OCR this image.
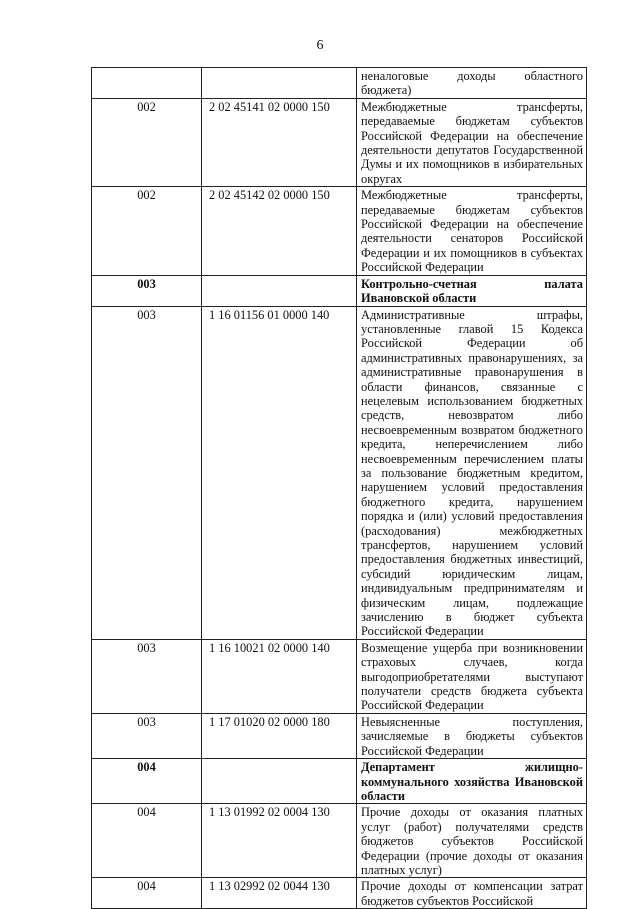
6
		неналоговые доходы областного бюджета)
002	2 02 45141 02 0000 150	Межбюджетные трансферты, передаваемые бюджетам субъектов Российской Федерации на обеспечение деятельности депутатов Государственной Думы и их помощников в избирательных округах
002	2 02 45142 02 0000 150	Межбюджетные трансферты, передаваемые бюджетам субъектов Российской Федерации на обеспечение деятельности сенаторов Российской Федерации и их помощников в субъектах Российской Федерации
003		Контрольно-счетная палата Ивановской области
003	1 16 01156 01 0000 140	Административные штрафы, установленные главой 15 Кодекса Российской Федерации об административных правонарушениях, за административные правонарушения в области финансов, связанные с нецелевым использованием бюджетных средств, невозвратом либо несвоевременным возвратом бюджетного кредита, неперечислением либо несвоевременным перечислением платы за пользование бюджетным кредитом, нарушением условий предоставления бюджетного кредита, нарушением порядка и (или) условий предоставления (расходования) межбюджетных трансфертов, нарушением условий предоставления бюджетных инвестиций, субсидий юридическим лицам, индивидуальным предпринимателям и физическим лицам, подлежащие зачислению в бюджет субъекта Российской Федерации
003	1 16 10021 02 0000 140	Возмещение ущерба при возникновении страховых случаев, когда выгодоприобретателями выступают получатели средств бюджета субъекта Российской Федерации
003	1 17 01020 02 0000 180	Невыясненные поступления, зачисляемые в бюджеты субъектов Российской Федерации
004		Департамент жилищно-коммунального хозяйства Ивановской области
004	1 13 01992 02 0004 130	Прочие доходы от оказания платных услуг (работ) получателями средств бюджетов субъектов Российской Федерации (прочие доходы от оказания платных услуг)
004	1 13 02992 02 0044 130	Прочие доходы от компенсации затрат бюджетов субъектов Российской
